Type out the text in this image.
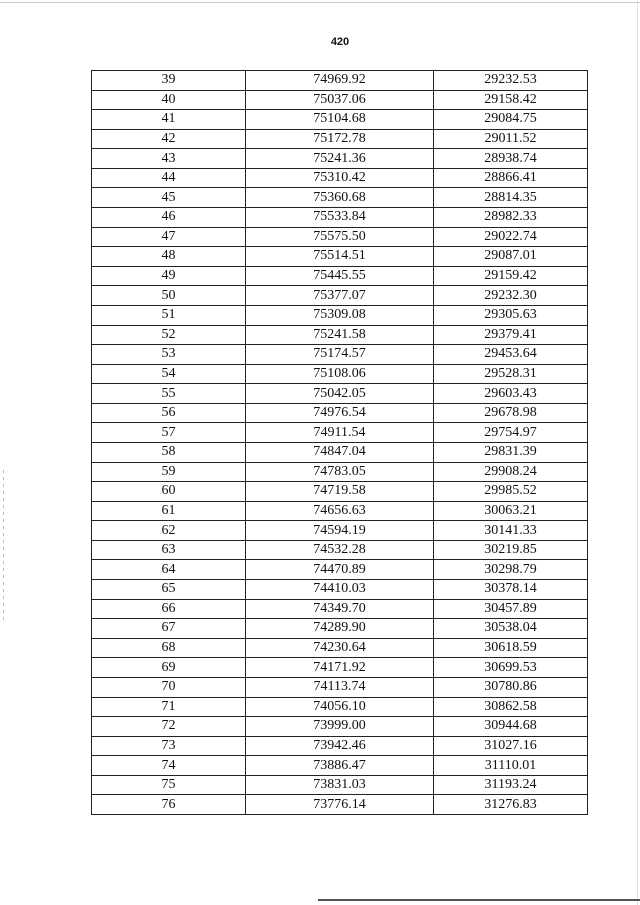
420
39	74969.92	29232.53
40	75037.06	29158.42
41	75104.68	29084.75
42	75172.78	29011.52
43	75241.36	28938.74
44	75310.42	28866.41
45	75360.68	28814.35
46	75533.84	28982.33
47	75575.50	29022.74
48	75514.51	29087.01
49	75445.55	29159.42
50	75377.07	29232.30
51	75309.08	29305.63
52	75241.58	29379.41
53	75174.57	29453.64
54	75108.06	29528.31
55	75042.05	29603.43
56	74976.54	29678.98
57	74911.54	29754.97
58	74847.04	29831.39
59	74783.05	29908.24
60	74719.58	29985.52
61	74656.63	30063.21
62	74594.19	30141.33
63	74532.28	30219.85
64	74470.89	30298.79
65	74410.03	30378.14
66	74349.70	30457.89
67	74289.90	30538.04
68	74230.64	30618.59
69	74171.92	30699.53
70	74113.74	30780.86
71	74056.10	30862.58
72	73999.00	30944.68
73	73942.46	31027.16
74	73886.47	31110.01
75	73831.03	31193.24
76	73776.14	31276.83
